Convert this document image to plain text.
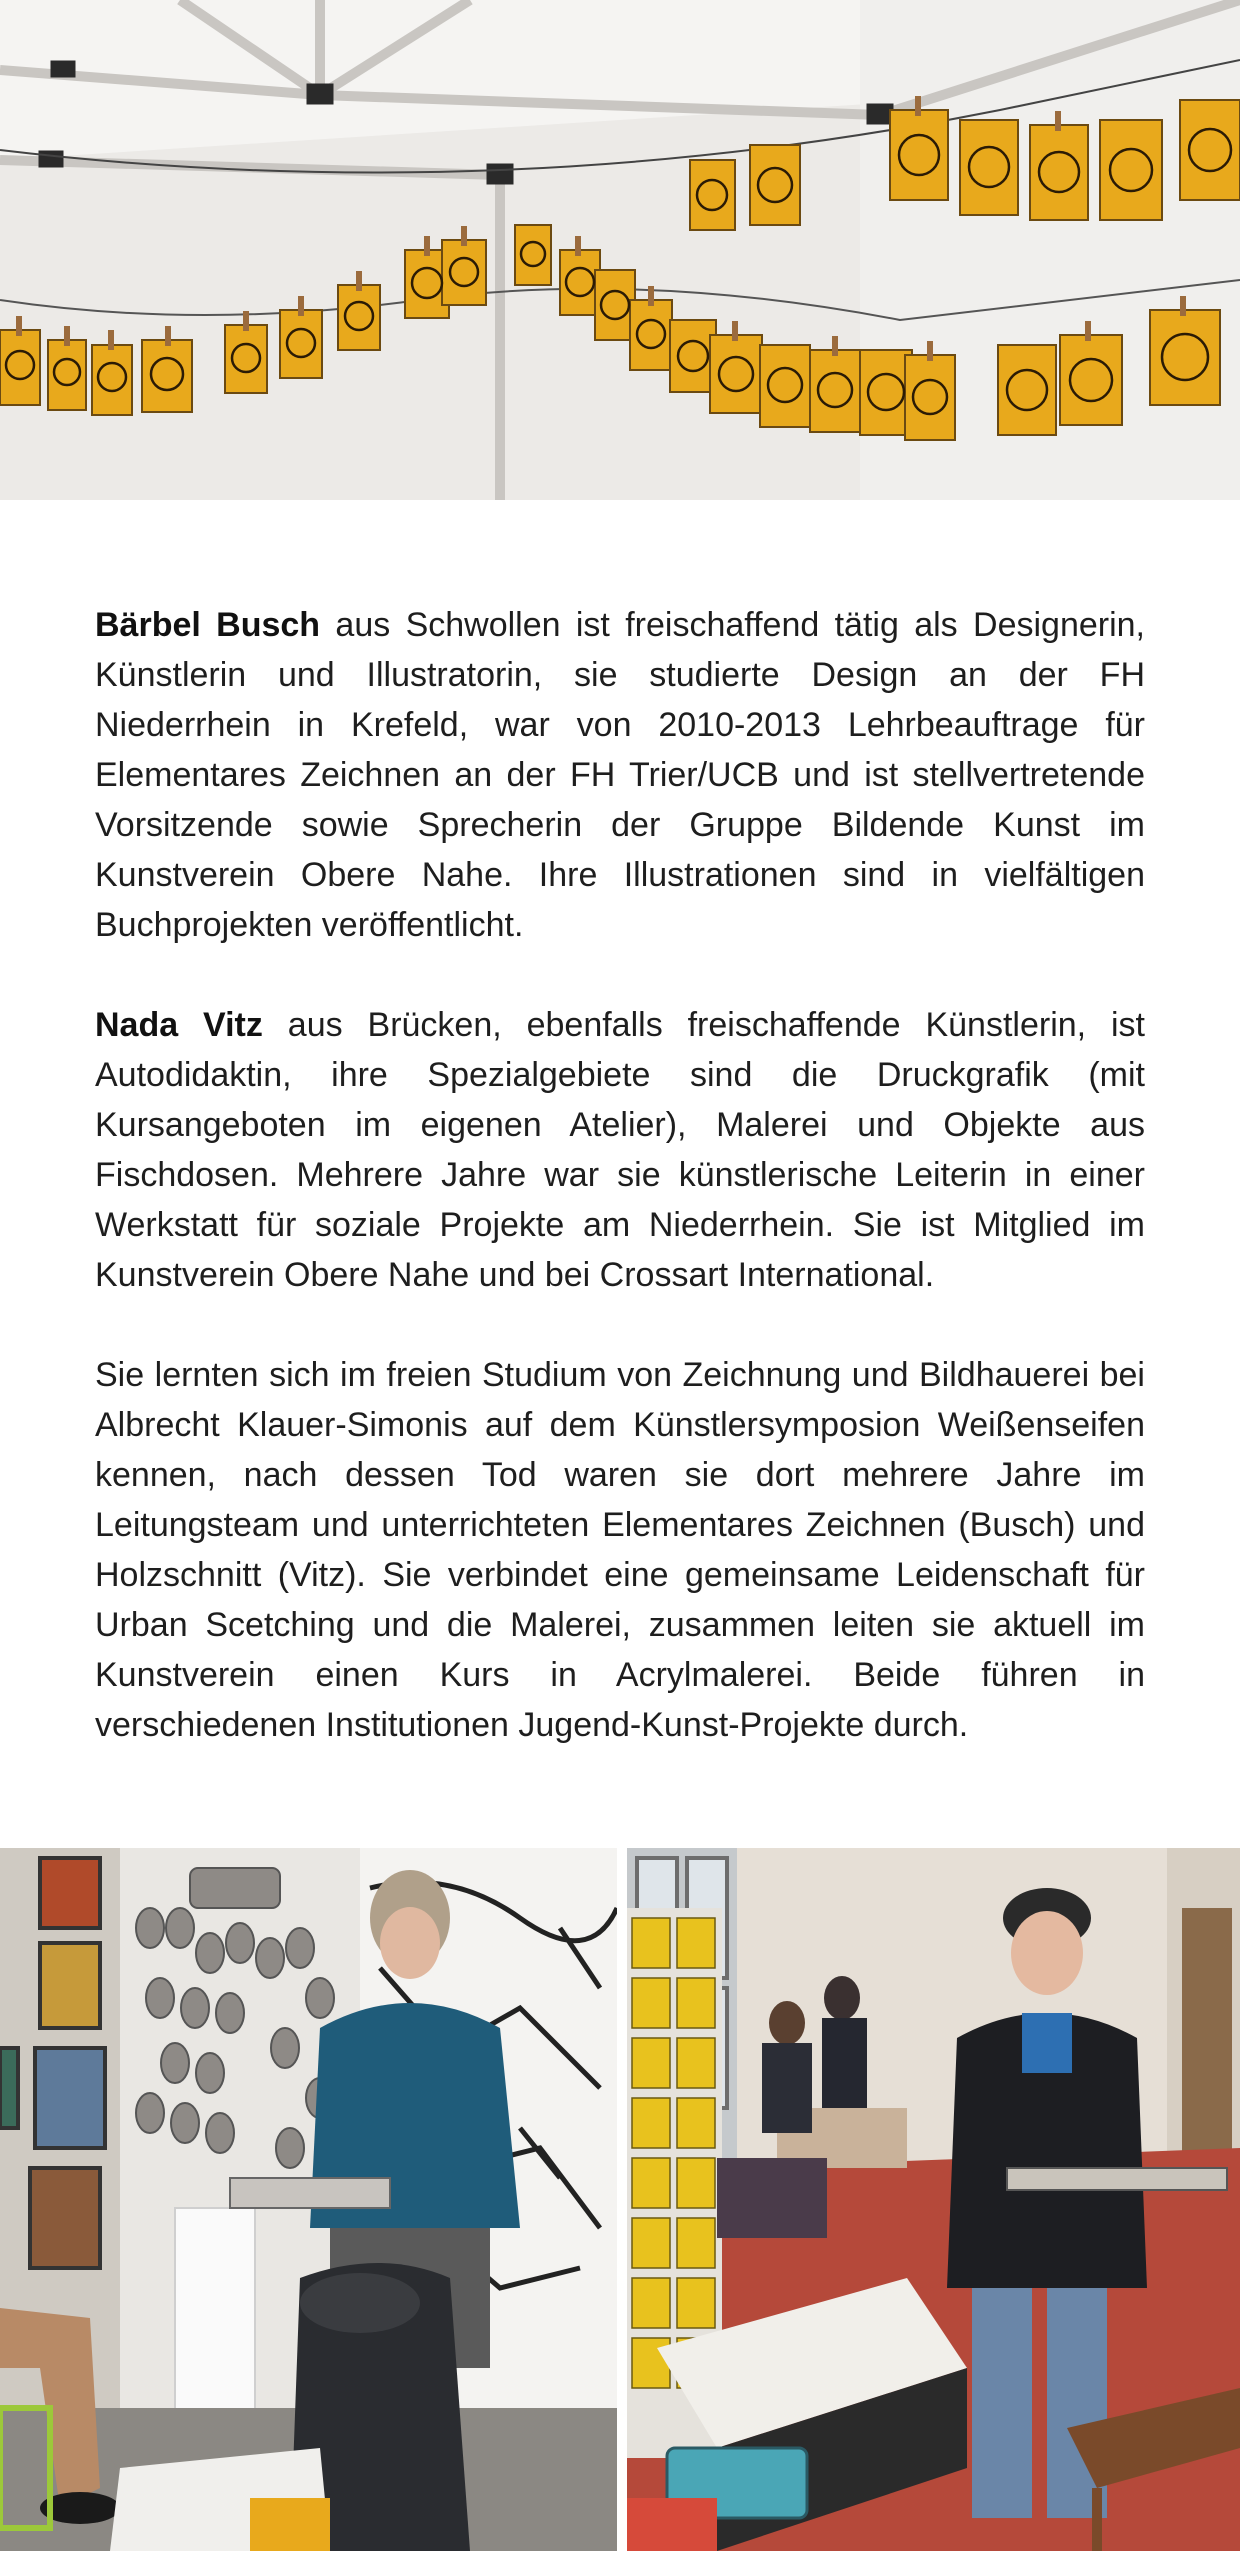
Bärbel Busch aus Schwollen ist freischaffend tätig als Designerin, Künstlerin und Illustratorin, sie studierte Design an der FH Niederrhein in Krefeld, war von 2010-2013 Lehrbeauftrage für Elementares Zeichnen an der FH Trier/UCB und ist stellvertretende Vorsitzende sowie Sprecherin der Gruppe Bildende Kunst im Kunstverein Obere Nahe. Ihre Illustrationen sind in vielfältigen Buchprojekten veröffentlicht.
Nada Vitz aus Brücken, ebenfalls freischaffende Künstlerin, ist Autodidaktin, ihre Spezialgebiete sind die Druckgrafik (mit Kursangeboten im eigenen Atelier), Malerei und Objekte aus Fischdosen. Mehrere Jahre war sie künstlerische Leiterin in einer Werkstatt für soziale Projekte am Niederrhein. Sie ist Mitglied im Kunstverein Obere Nahe und bei Crossart International.
Sie lernten sich im freien Studium von Zeichnung und Bildhauerei bei Albrecht Klauer-Simonis auf dem Künstlersymposion Weißenseifen kennen, nach dessen Tod waren sie dort mehrere Jahre im Leitungsteam und unterrichteten Elementares Zeichnen (Busch) und Holzschnitt (Vitz). Sie verbindet eine gemeinsame Leidenschaft für Urban Scetching und die Malerei, zusammen leiten sie aktuell im Kunstverein einen Kurs in Acrylmalerei. Beide führen in verschiedenen Institutionen Jugend-Kunst-Projekte durch.
